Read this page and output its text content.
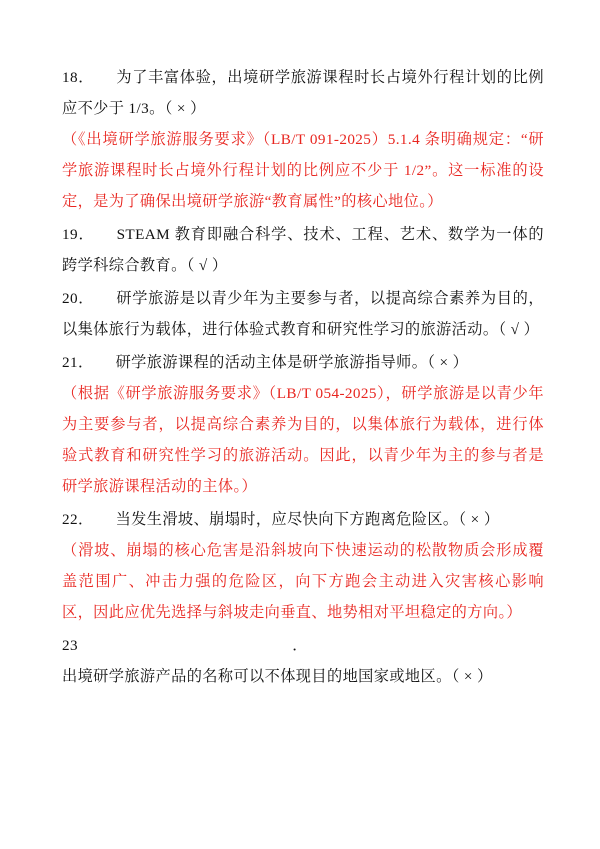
18． 为了丰富体验，出境研学旅游课程时长占境外行程计划的比例应不少于 1/3。（ × ）

（《出境研学旅游服务要求》（LB/T 091-2025）5.1.4 条明确规定：“研学旅游课程时长占境外行程计划的比例应不少于 1/2”。这一标准的设定，是为了确保出境研学旅游“教育属性”的核心地位。）

19． STEAM 教育即融合科学、技术、工程、艺术、数学为一体的跨学科综合教育。（ √ ）

20． 研学旅游是以青少年为主要参与者，以提高综合素养为目的，以集体旅行为载体，进行体验式教育和研究性学习的旅游活动。（ √ ）

21． 研学旅游课程的活动主体是研学旅游指导师。（ × ）

（根据《研学旅游服务要求》（LB/T 054-2025），研学旅游是以青少年为主要参与者，以提高综合素养为目的，以集体旅行为载体，进行体验式教育和研究性学习的旅游活动。因此，以青少年为主的参与者是研学旅游课程活动的主体。）

22． 当发生滑坡、崩塌时，应尽快向下方跑离危险区。（ × ）

（滑坡、崩塌的核心危害是沿斜坡向下快速运动的松散物质会形成覆盖范围广、冲击力强的危险区，向下方跑会主动进入灾害核心影响区，因此应优先选择与斜坡走向垂直、地势相对平坦稳定的方向。）

23．出境研学旅游产品的名称可以不体现目的地国家或地区。（ × ）
